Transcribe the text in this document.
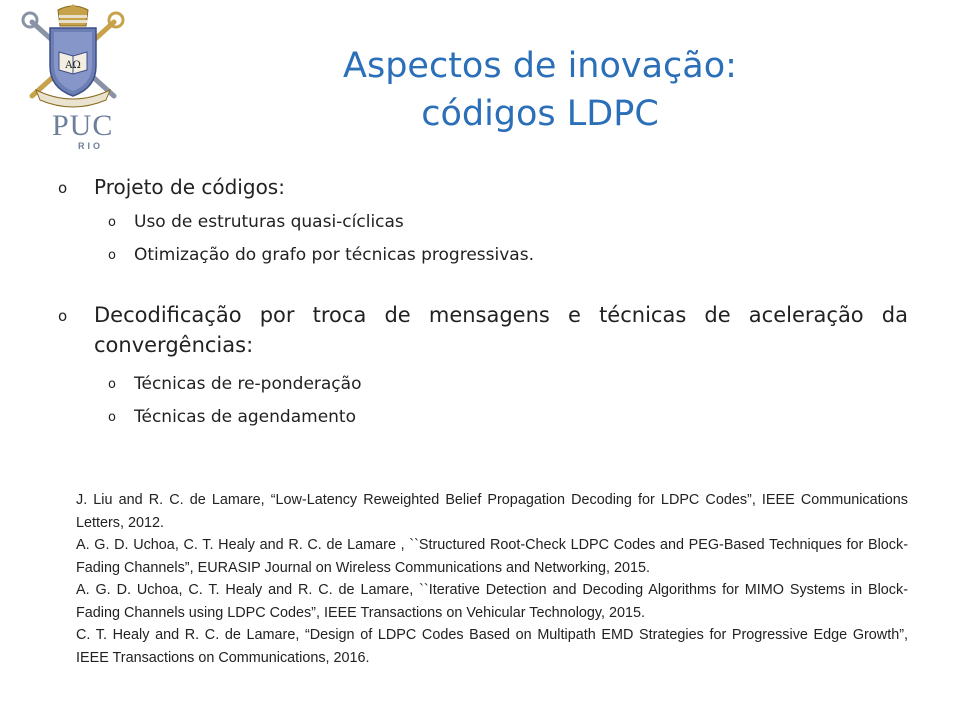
ΑΩ
PUC
RIO
Aspectos de inovação:
códigos LDPC
o Projeto de códigos:
o Uso de estruturas quasi-cíclicas
o Otimização do grafo por técnicas progressivas.
o Decodificação por troca de mensagens e técnicas de aceleração da convergências:
o Técnicas de re-ponderação
o Técnicas de agendamento

J. Liu and R. C. de Lamare, “Low-Latency Reweighted Belief Propagation Decoding for LDPC Codes”, IEEE Communications Letters, 2012.

A. G. D. Uchoa, C. T. Healy and R. C. de Lamare , ``Structured Root-Check LDPC Codes and PEG-Based Techniques for Block-Fading Channels”, EURASIP Journal on Wireless Communications and Networking, 2015.

A. G. D. Uchoa, C. T. Healy and R. C. de Lamare, ``Iterative Detection and Decoding Algorithms for MIMO Systems in Block-Fading Channels using LDPC Codes”, IEEE Transactions on Vehicular Technology, 2015.

C. T. Healy and R. C. de Lamare, “Design of LDPC Codes Based on Multipath EMD Strategies for Progressive Edge Growth”, IEEE Transactions on Communications, 2016.
